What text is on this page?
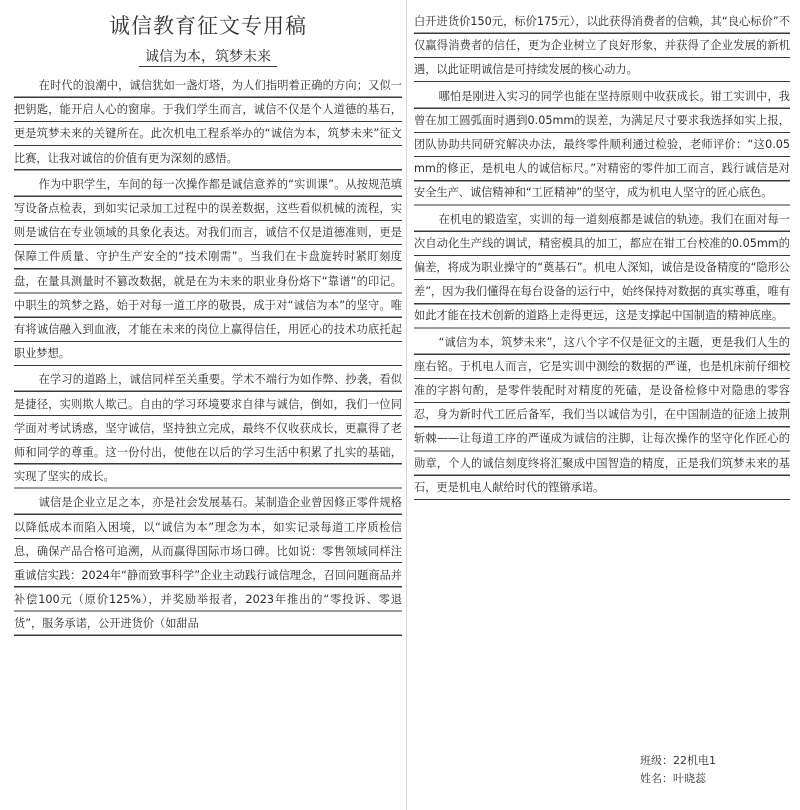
诚信教育征文专用稿
诚信为本，筑梦未来

在时代的浪潮中，诚信犹如一盏灯塔，为人们指明着正确的方向；又似一把钥匙，能开启人心的窗扉。于我们学生而言，诚信不仅是个人道德的基石，更是筑梦未来的关键所在。此次机电工程系举办的“诚信为本，筑梦未来”征文比赛，让我对诚信的价值有更为深刻的感悟。

作为中职学生，车间的每一次操作都是诚信意养的“实训课”。从按规范填写设备点检表，到如实记录加工过程中的误差数据，这些看似机械的流程，实则是诚信在专业领域的具象化表达。对我们而言，诚信不仅是道德准则，更是保障工件质量、守护生产安全的“技术刚需”。当我们在卡盘旋转时紧盯刻度盘，在量具测量时不篡改数据，就是在为未来的职业身份烙下“靠谱”的印记。中职生的筑梦之路，始于对每一道工序的敬畏，成于对“诚信为本”的坚守。唯有将诚信融入到血液，才能在未来的岗位上赢得信任，用匠心的技术功底托起职业梦想。

在学习的道路上，诚信同样至关重要。学术不端行为如作弊、抄袭，看似是捷径，实则欺人欺己。自由的学习环境要求自律与诚信，倒如，我们一位同学面对考试诱惑，坚守诚信，坚持独立完成，最终不仅收获成长，更赢得了老师和同学的尊重。这一份付出，使他在以后的学习生活中积累了扎实的基础，实现了坚实的成长。

诚信是企业立足之本，亦是社会发展基石。某制造企业曾因修正零件规格以降低成本而陷入困境，以“诚信为本”理念为本，如实记录每道工序质检信息，确保产品合格可追溯，从而赢得国际市场口碑。比如说：零售领域同样注重诚信实践：2024年“静而致事科学”企业主动践行诚信理念，召回问题商品并补偿100元（原价125%），并奖励举报者，2023年推出的“零投诉、零退货”，服务承诺，公开进货价（如甜品

白开进货价150元，标价175元），以此获得消费者的信赖，其“良心标价”不仅赢得消费者的信任，更为企业树立了良好形象，并获得了企业发展的新机遇，以此证明诚信是可持续发展的核心动力。

哪怕是刚进入实习的同学也能在坚持原则中收获成长。钳工实训中，我曾在加工圆弧面时遇到0.05mm的误差，为满足尺寸要求我选择如实上报，团队协助共同研究解决办法，最终零件顺利通过检验，老师评价：“这0.05mm的修正，是机电人的诚信标尺。”对精密的零件加工而言，践行诚信是对安全生产、诚信精神和“工匠精神”的坚守，成为机电人坚守的匠心底色。

在机电的锻造室，实训的每一道刻痕都是诚信的轨迹。我们在面对每一次自动化生产线的调试，精密模具的加工，都应在钳工台校准的0.05mm的偏差，将成为职业操守的“奠基石”。机电人深知，诚信是设备精度的“隐形公差”，因为我们懂得在每台设备的运行中，始终保持对数据的真实尊重，唯有如此才能在技术创新的道路上走得更远，这是支撑起中国制造的精神底座。

“诚信为本，筑梦未来”，这八个字不仅是征文的主题，更是我们人生的座右铭。于机电人而言，它是实训中测绘的数据的严谨，也是机床前仔细校准的字斟句酌，是零件装配时对精度的死磕，是设备检修中对隐患的零容忍，身为新时代工匠后备军，我们当以诚信为引，在中国制造的征途上披荆斩棘——让每道工序的严谨成为诚信的注脚，让每次操作的坚守化作匠心的勋章，个人的诚信刻度终将汇聚成中国智造的精度，正是我们筑梦未来的基石，更是机电人献给时代的铿锵承诺。

班级：22机电1
姓名：叶晓蕊
